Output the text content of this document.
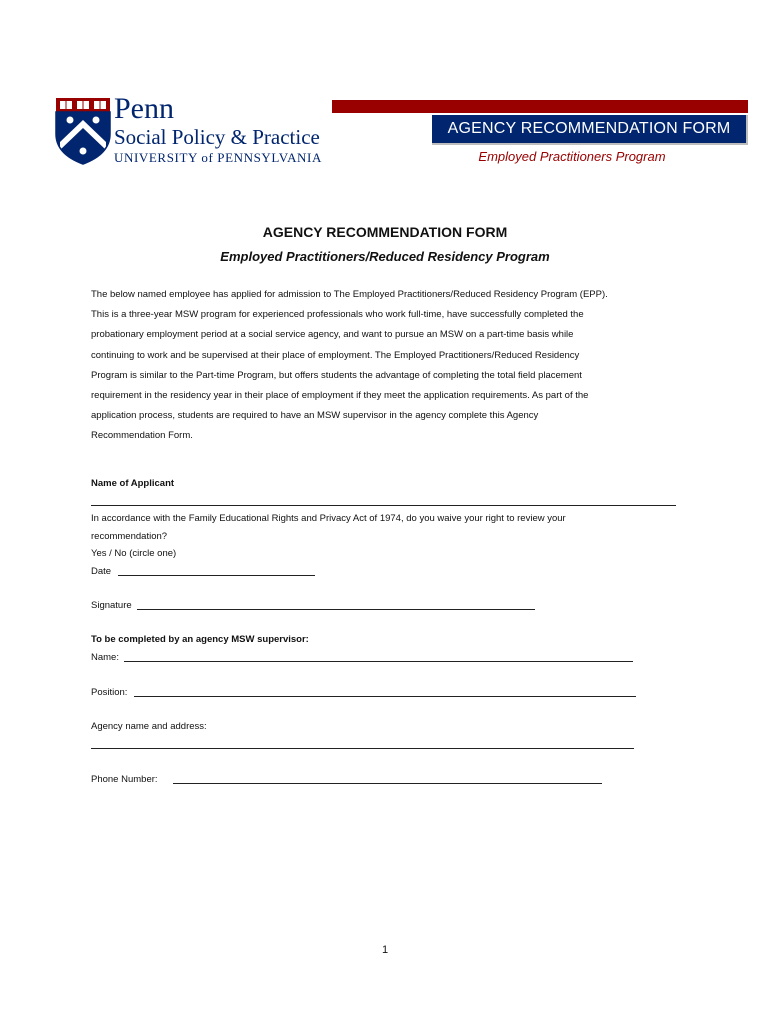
Penn
Social Policy & Practice
UNIVERSITY of PENNSYLVANIA
AGENCY RECOMMENDATION FORM
Employed Practitioners Program
AGENCY RECOMMENDATION FORM
Employed Practitioners/Reduced Residency Program
The below named employee has applied for admission to The Employed Practitioners/Reduced Residency Program (EPP).
This is a three-year MSW program for experienced professionals who work full-time, have successfully completed the
probationary employment period at a social service agency, and want to pursue an MSW on a part-time basis while
continuing to work and be supervised at their place of employment. The Employed Practitioners/Reduced Residency
Program is similar to the Part-time Program, but offers students the advantage of completing the total field placement
requirement in the residency year in their place of employment if they meet the application requirements. As part of the
application process, students are required to have an MSW supervisor in the agency complete this Agency
Recommendation Form.
Name of Applicant
In accordance with the Family Educational Rights and Privacy Act of 1974, do you waive your right to review your
recommendation?
Yes / No (circle one)
Date
Signature
To be completed by an agency MSW supervisor:
Name:
Position:
Agency name and address:
Phone Number:
1
